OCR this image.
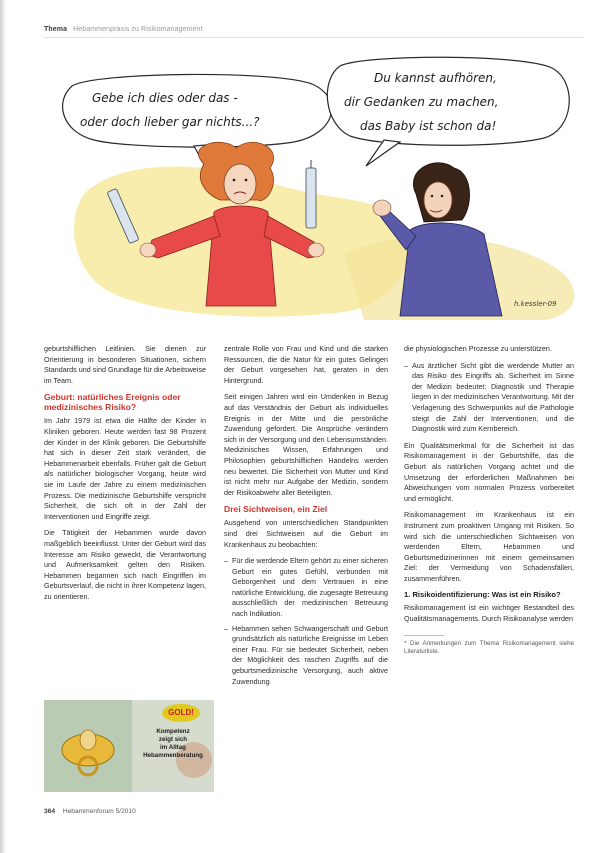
Thema Hebammenpraxis zu Risikomanagement
Gebe ich dies oder das -
oder doch lieber gar nichts...?
Du kannst aufhören,
dir Gedanken zu machen,
das Baby ist schon da!
h.kessler-09

geburtshilflichen Leitlinien. Sie dienen zur Orientierung in besonderen Situationen, sichern Standards und sind Grundlage für die Arbeitsweise im Team.

Geburt: natürliches Ereignis oder medizinisches Risiko?

Im Jahr 1979 ist etwa die Hälfte der Kinder in Kliniken geboren. Heute werden fast 98 Prozent der Kinder in der Klinik geboren. Die Geburtshilfe hat sich in dieser Zeit stark verändert, die Hebammenarbeit ebenfalls. Früher galt die Geburt als natürlicher biologischer Vorgang, heute wird sie im Laufe der Jahre zu einem medizinischen Prozess. Die medizinische Geburtshilfe verspricht Sicherheit, die sich oft in der Zahl der Interventionen und Eingriffe zeigt.

Die Tätigkeit der Hebammen wurde davon maßgeblich beeinflusst. Unter der Geburt wird das Interesse am Risiko geweckt, die Verantwortung und Aufmerksamkeit gelten den Risiken. Hebammen begannen sich nach Eingriffen im Geburtsverlauf, die nicht in ihrer Kompetenz lagen, zu orientieren.

zentrale Rolle von Frau und Kind und die starken Ressourcen, die die Natur für ein gutes Gelingen der Geburt vorgesehen hat, geraten in den Hintergrund.

Seit einigen Jahren wird ein Umdenken in Bezug auf das Verständnis der Geburt als individuelles Ereignis in der Mitte und die persönliche Zuwendung gefordert. Die Ansprüche verändern sich in der Versorgung und den Lebensumständen. Medizinisches Wissen, Erfahrungen und Philosophien geburtshilflichen Handelns werden neu bewertet. Die Sicherheit von Mutter und Kind ist nicht mehr nur Aufgabe der Medizin, sondern der Risikoabwehr aller Beteiligten.

Drei Sichtweisen, ein Ziel

Ausgehend von unterschiedlichen Standpunkten sind drei Sichtweisen auf die Geburt im Krankenhaus zu beobachten:

– Für die werdende Eltern gehört zu einer sicheren Geburt ein gutes Gefühl, verbunden mit Geborgenheit und dem Vertrauen in eine natürliche Entwicklung, die zugesagte Betreuung ausschließlich der medizinischen Betreuung nach Indikation.
– Hebammen sehen Schwangerschaft und Geburt grundsätzlich als natürliche Ereignisse im Leben einer Frau. Für sie bedeutet Sicherheit, neben der Möglichkeit des raschen Zugriffs auf die geburtsmedizinische Versorgung, auch aktive Zuwendung

die physiologischen Prozesse zu unterstützen.

– Aus ärztlicher Sicht gibt die werdende Mutter an das Risiko des Eingriffs ab. Sicherheit im Sinne der Medizin bedeutet: Diagnostik und Therapie liegen in der medizinischen Verantwortung. Mit der Verlagerung des Schwerpunkts auf die Pathologie steigt die Zahl der Interventionen, und die Diagnostik wird zum Kernbereich.

Ein Qualitätsmerkmal für die Sicherheit ist das Risikomanagement in der Geburtshilfe, das die Geburt als natürlichen Vorgang achtet und die Umsetzung der erforderlichen Maßnahmen bei Abweichungen vom normalen Prozess vorbereitet und ermöglicht.

Risikomanagement im Krankenhaus ist ein Instrument zum proaktiven Umgang mit Risiken. So wird sich die unterschiedlichen Sichtweisen von werdenden Eltern, Hebammen und Geburtsmedizinerinnen mit einem gemeinsamen Ziel: der Vermeidung von Schadensfällen, zusammenführen.

1. Risikoidentifizierung: Was ist ein Risiko?

Risikomanagement ist ein wichtiger Bestandteil des Qualitätsmanagements. Durch Risikoanalyse werden

* Die Anmerkungen zum Thema Risikomanagement siehe Literaturliste.
GOLD!
Kompetenz
zeigt sich
im Alltag
Hebammenberatung
364 Hebammenforum 5/2010
